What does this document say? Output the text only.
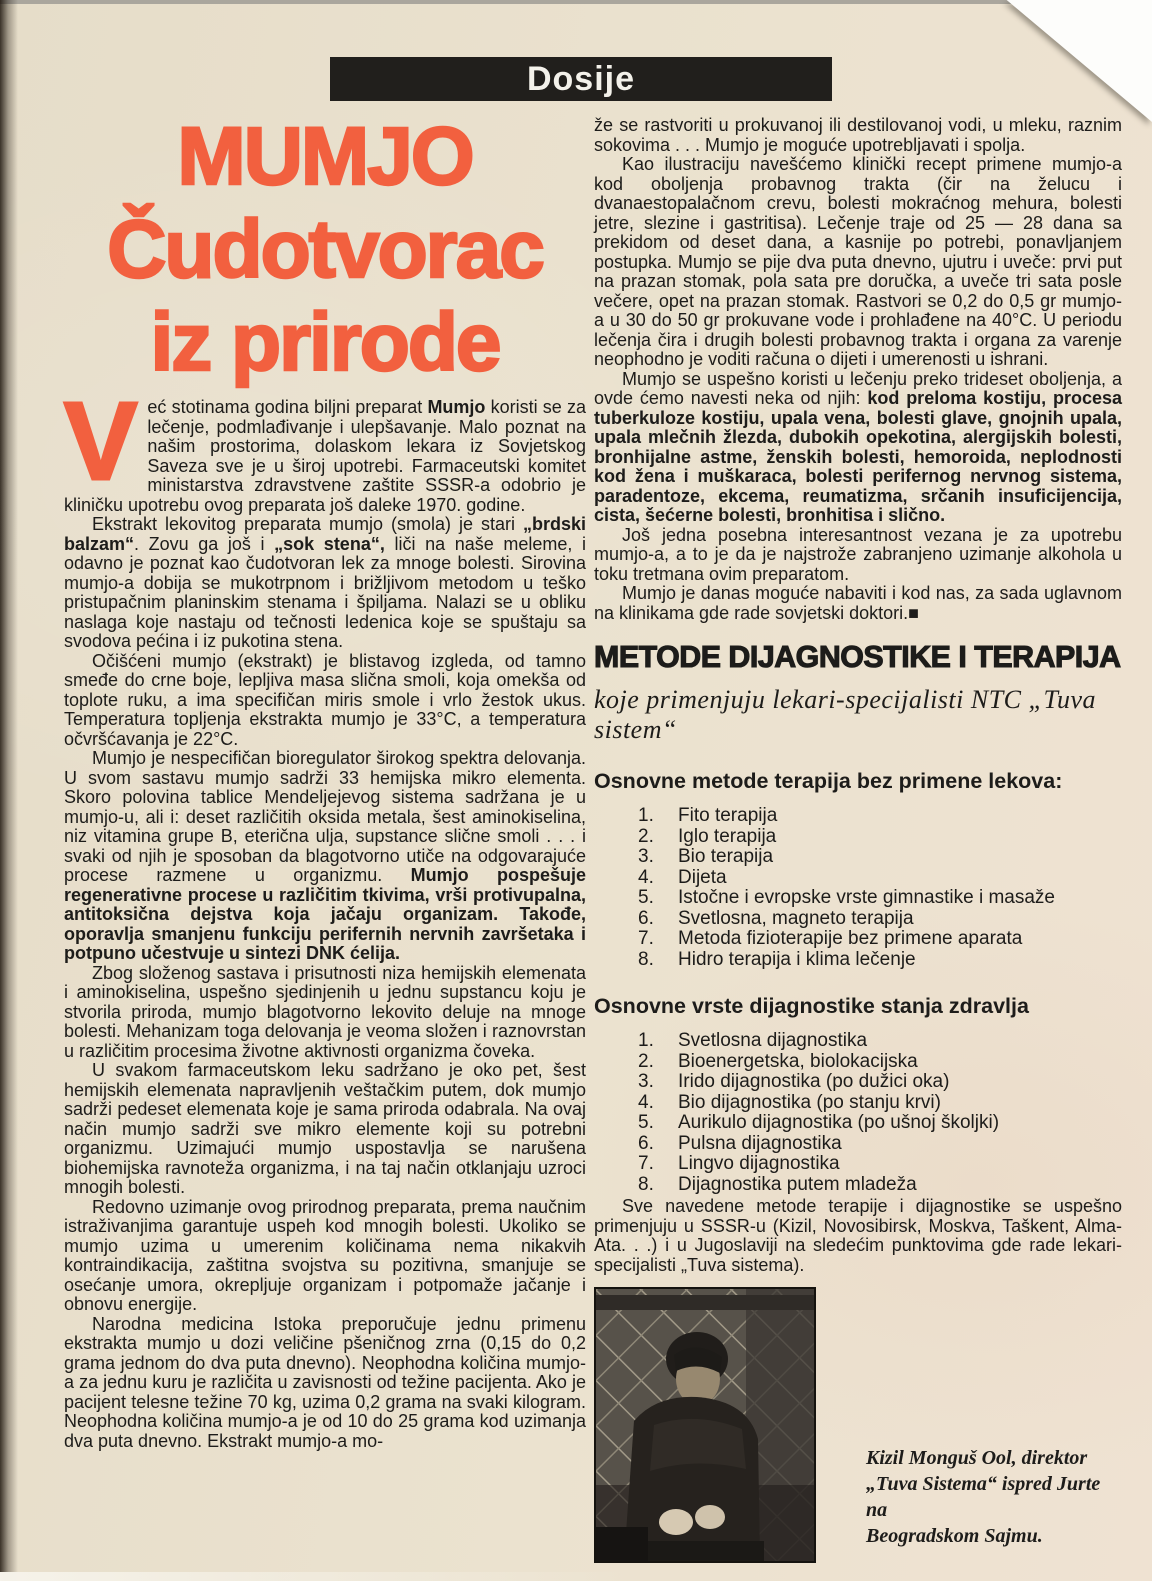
Dosije
MUMJO
Čudotvorac
iz prirode

Već stotinama godina biljni preparat Mumjo koristi se za lečenje, podmlađivanje i ulepšavanje. Malo poznat na našim prostorima, dolaskom lekara iz Sovjetskog Saveza sve je u široj upotrebi. Farmaceutski komitet ministarstva zdravstvene zaštite SSSR-a odobrio je kliničku upotrebu ovog preparata još daleke 1970. godine.

Ekstrakt lekovitog preparata mumjo (smola) je stari „brdski balzam“. Zovu ga još i „sok stena“, liči na naše meleme, i odavno je poznat kao čudotvoran lek za mnoge bolesti. Sirovina mumjo-a dobija se mukotrpnom i brižljivom metodom u teško pristupačnim planinskim stenama i špiljama. Nalazi se u obliku naslaga koje nastaju od tečnosti ledenica koje se spuštaju sa svodova pećina i iz pukotina stena.

Očišćeni mumjo (ekstrakt) je blistavog izgleda, od tamno smeđe do crne boje, lepljiva masa slična smoli, koja omekša od toplote ruku, a ima specifičan miris smole i vrlo žestok ukus. Temperatura topljenja ekstrakta mumjo je 33°C, a temperatura očvršćavanja je 22°C.

Mumjo je nespecifičan bioregulator širokog spektra delovanja. U svom sastavu mumjo sadrži 33 hemijska mikro elementa. Skoro polovina tablice Mendeljejevog sistema sadržana je u mumjo-u, ali i: deset različitih oksida metala, šest aminokiselina, niz vitamina grupe B, eterična ulja, supstance slične smoli . . . i svaki od njih je sposoban da blagotvorno utiče na odgovarajuće procese razmene u organizmu. Mumjo pospešuje regenerativne procese u različitim tkivima, vrši protivupalna, antitoksična dejstva koja jačaju organizam. Takođe, oporavlja smanjenu funkciju perifernih nervnih završetaka i potpuno učestvuje u sintezi DNK ćelija.

Zbog složenog sastava i prisutnosti niza hemijskih elemenata i aminokiselina, uspešno sjedinjenih u jednu supstancu koju je stvorila priroda, mumjo blagotvorno lekovito deluje na mnoge bolesti. Mehanizam toga delovanja je veoma složen i raznovrstan u različitim procesima životne aktivnosti organizma čoveka.

U svakom farmaceutskom leku sadržano je oko pet, šest hemijskih elemenata napravljenih veštačkim putem, dok mumjo sadrži pedeset elemenata koje je sama priroda odabrala. Na ovaj način mumjo sadrži sve mikro elemente koji su potrebni organizmu. Uzimajući mumjo uspostavlja se narušena biohemijska ravnoteža organizma, i na taj način otklanjaju uzroci mnogih bolesti.

Redovno uzimanje ovog prirodnog preparata, prema naučnim istraživanjima garantuje uspeh kod mnogih bolesti. Ukoliko se mumjo uzima u umerenim količinama nema nikakvih kontraindikacija, zaštitna svojstva su pozitivna, smanjuje se osećanje umora, okrepljuje organizam i potpomaže jačanje i obnovu energije.

Narodna medicina Istoka preporučuje jednu primenu ekstrakta mumjo u dozi veličine pšeničnog zrna (0,15 do 0,2 grama jednom do dva puta dnevno). Neophodna količina mumjo-a za jednu kuru je različita u zavisnosti od težine pacijenta. Ako je pacijent telesne težine 70 kg, uzima 0,2 grama na svaki kilogram. Neophodna količina mumjo-a je od 10 do 25 grama kod uzimanja dva puta dnevno. Ekstrakt mumjo-a mo-

že se rastvoriti u prokuvanoj ili destilovanoj vodi, u mleku, raznim sokovima . . . Mumjo je moguće upotrebljavati i spolja.

Kao ilustraciju navešćemo klinički recept primene mumjo-a kod oboljenja probavnog trakta (čir na želucu i dvanaestopalačnom crevu, bolesti mokraćnog mehura, bolesti jetre, slezine i gastritisa). Lečenje traje od 25 — 28 dana sa prekidom od deset dana, a kasnije po potrebi, ponavljanjem postupka. Mumjo se pije dva puta dnevno, ujutru i uveče: prvi put na prazan stomak, pola sata pre doručka, a uveče tri sata posle večere, opet na prazan stomak. Rastvori se 0,2 do 0,5 gr mumjo-a u 30 do 50 gr prokuvane vode i prohlađene na 40°C. U periodu lečenja čira i drugih bolesti probavnog trakta i organa za varenje neophodno je voditi računa o dijeti i umerenosti u ishrani.

Mumjo se uspešno koristi u lečenju preko trideset oboljenja, a ovde ćemo navesti neka od njih: kod preloma kostiju, procesa tuberkuloze kostiju, upala vena, bolesti glave, gnojnih upala, upala mlečnih žlezda, dubokih opekotina, alergijskih bolesti, bronhijalne astme, ženskih bolesti, hemoroida, neplodnosti kod žena i muškaraca, bolesti perifernog nervnog sistema, paradentoze, ekcema, reumatizma, srčanih insuficijencija, cista, šećerne bolesti, bronhitisa i slično.

Još jedna posebna interesantnost vezana je za upotrebu mumjo-a, a to je da je najstrože zabranjeno uzimanje alkohola u toku tretmana ovim preparatom.

Mumjo je danas moguće nabaviti i kod nas, za sada uglavnom na klinikama gde rade sovjetski doktori.■

METODE DIJAGNOSTIKE I TERAPIJA
koje primenjuju lekari-specijalisti NTC „Tuva sistem“
Osnovne metode terapija bez primene lekova:
1.	Fito terapija
2.	Iglo terapija
3.	Bio terapija
4.	Dijeta
5.	Istočne i evropske vrste gimnastike i masaže
6.	Svetlosna, magneto terapija
7.	Metoda fizioterapije bez primene aparata
8.	Hidro terapija i klima lečenje
Osnovne vrste dijagnostike stanja zdravlja
1.	Svetlosna dijagnostika
2.	Bioenergetska, biolokacijska
3.	Irido dijagnostika (po dužici oka)
4.	Bio dijagnostika (po stanju krvi)
5.	Aurikulo dijagnostika (po ušnoj školjki)
6.	Pulsna dijagnostika
7.	Lingvo dijagnostika
8.	Dijagnostika putem mladeža

Sve navedene metode terapije i dijagnostike se uspešno primenjuju u SSSR-u (Kizil, Novosibirsk, Moskva, Taškent, Alma-Ata. . .) i u Jugoslaviji na sledećim punktovima gde rade lekari-specijalisti „Tuva sistema).

Kizil Monguš Ool, direktor
„Tuva Sistema“ ispred Jurte na
Beogradskom Sajmu.
